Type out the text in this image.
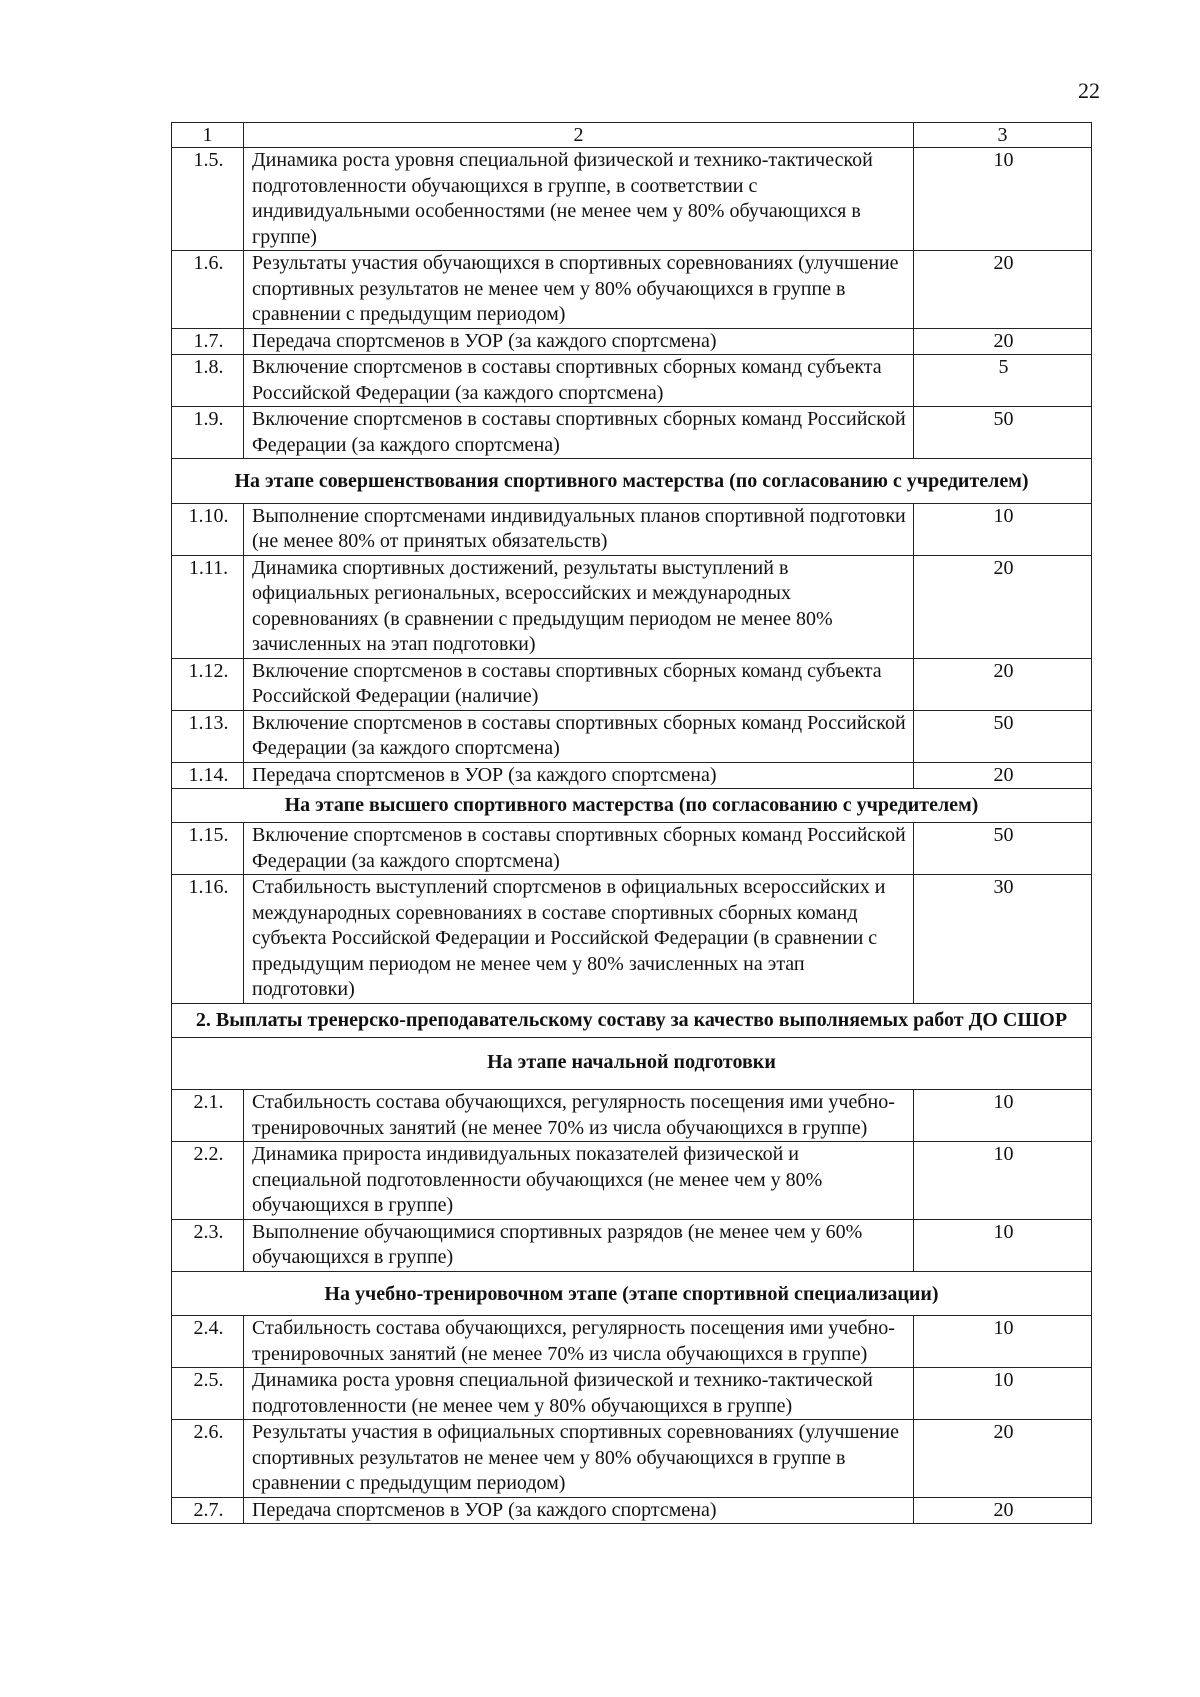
22
1	2	3
1.5.	Динамика роста уровня специальной физической и технико-тактической подготовленности обучающихся в группе, в соответствии с индивидуальными особенностями (не менее чем у 80% обучающихся в группе)	10
1.6.	Результаты участия обучающихся в спортивных соревнованиях (улучшение спортивных результатов не менее чем у 80% обучающихся в группе в сравнении с предыдущим периодом)	20
1.7.	Передача спортсменов в УОР (за каждого спортсмена)	20
1.8.	Включение спортсменов в составы спортивных сборных команд субъекта Российской Федерации (за каждого спортсмена)	5
1.9.	Включение спортсменов в составы спортивных сборных команд Российской Федерации (за каждого спортсмена)	50
На этапе совершенствования спортивного мастерства (по согласованию с учредителем)		
1.10.	Выполнение спортсменами индивидуальных планов спортивной подготовки (не менее 80% от принятых обязательств)	10
1.11.	Динамика спортивных достижений, результаты выступлений в официальных региональных, всероссийских и международных соревнованиях (в сравнении с предыдущим периодом не менее 80% зачисленных на этап подготовки)	20
1.12.	Включение спортсменов в составы спортивных сборных команд субъекта Российской Федерации (наличие)	20
1.13.	Включение спортсменов в составы спортивных сборных команд Российской Федерации (за каждого спортсмена)	50
1.14.	Передача спортсменов в УОР (за каждого спортсмена)	20
На этапе высшего спортивного мастерства (по согласованию с учредителем)		
1.15.	Включение спортсменов в составы спортивных сборных команд Российской Федерации (за каждого спортсмена)	50
1.16.	Стабильность выступлений спортсменов в официальных всероссийских и международных соревнованиях в составе спортивных сборных команд субъекта Российской Федерации и Российской Федерации (в сравнении с предыдущим периодом не менее чем у 80% зачисленных на этап подготовки)	30
2. Выплаты тренерско-преподавательскому составу за качество выполняемых работ ДО СШОР		
На этапе начальной подготовки		
2.1.	Стабильность состава обучающихся, регулярность посещения ими учебно-тренировочных занятий (не менее 70% из числа обучающихся в группе)	10
2.2.	Динамика прироста индивидуальных показателей физической и специальной подготовленности обучающихся (не менее чем у 80% обучающихся в группе)	10
2.3.	Выполнение обучающимися спортивных разрядов (не менее чем у 60% обучающихся в группе)	10
На учебно-тренировочном этапе (этапе спортивной специализации)		
2.4.	Стабильность состава обучающихся, регулярность посещения ими учебно-тренировочных занятий (не менее 70% из числа обучающихся в группе)	10
2.5.	Динамика роста уровня специальной физической и технико-тактической подготовленности (не менее чем у 80% обучающихся в группе)	10
2.6.	Результаты участия в официальных спортивных соревнованиях (улучшение спортивных результатов не менее чем у 80% обучающихся в группе в сравнении с предыдущим периодом)	20
2.7.	Передача спортсменов в УОР (за каждого спортсмена)	20
